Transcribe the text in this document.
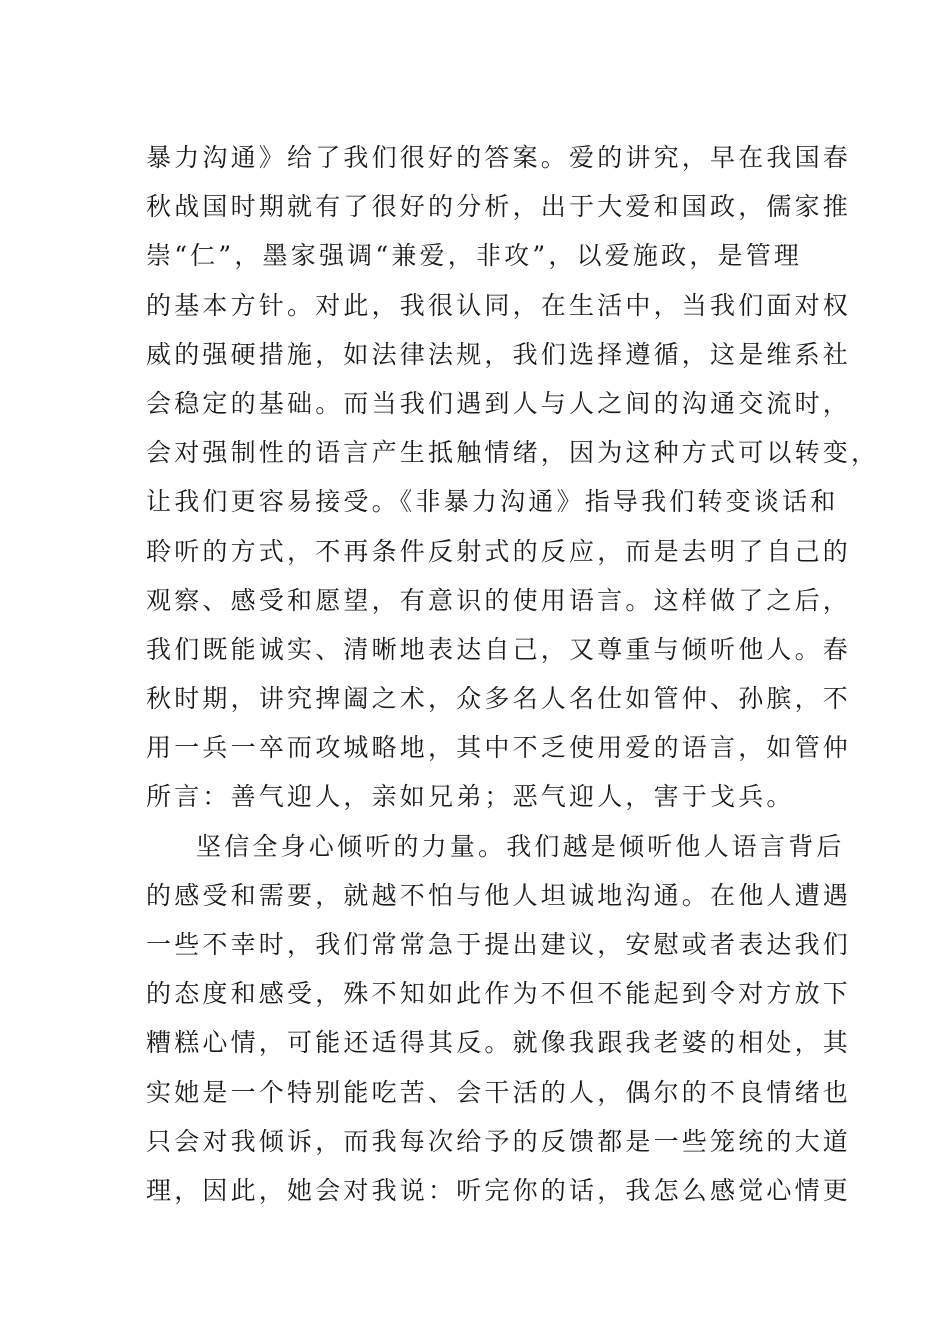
暴力沟通》给了我们很好的答案。爱的讲究，早在我国春
秋战国时期就有了很好的分析，出于大爱和国政，儒家推
崇“仁”，墨家强调“兼爱，非攻”，以爱施政，是管理
的基本方针。对此，我很认同，在生活中，当我们面对权
威的强硬措施，如法律法规，我们选择遵循，这是维系社
会稳定的基础。而当我们遇到人与人之间的沟通交流时，
会对强制性的语言产生抵触情绪，因为这种方式可以转变，
让我们更容易接受。《非暴力沟通》指导我们转变谈话和
聆听的方式，不再条件反射式的反应，而是去明了自己的
观察、感受和愿望，有意识的使用语言。这样做了之后，
我们既能诚实、清晰地表达自己，又尊重与倾听他人。春
秋时期，讲究捭阖之术，众多名人名仕如管仲、孙膑，不
用一兵一卒而攻城略地，其中不乏使用爱的语言，如管仲
所言：善气迎人，亲如兄弟；恶气迎人，害于戈兵。
坚信全身心倾听的力量。我们越是倾听他人语言背后
的感受和需要，就越不怕与他人坦诚地沟通。在他人遭遇
一些不幸时，我们常常急于提出建议，安慰或者表达我们
的态度和感受，殊不知如此作为不但不能起到令对方放下
糟糕心情，可能还适得其反。就像我跟我老婆的相处，其
实她是一个特别能吃苦、会干活的人，偶尔的不良情绪也
只会对我倾诉，而我每次给予的反馈都是一些笼统的大道
理，因此，她会对我说：听完你的话，我怎么感觉心情更
